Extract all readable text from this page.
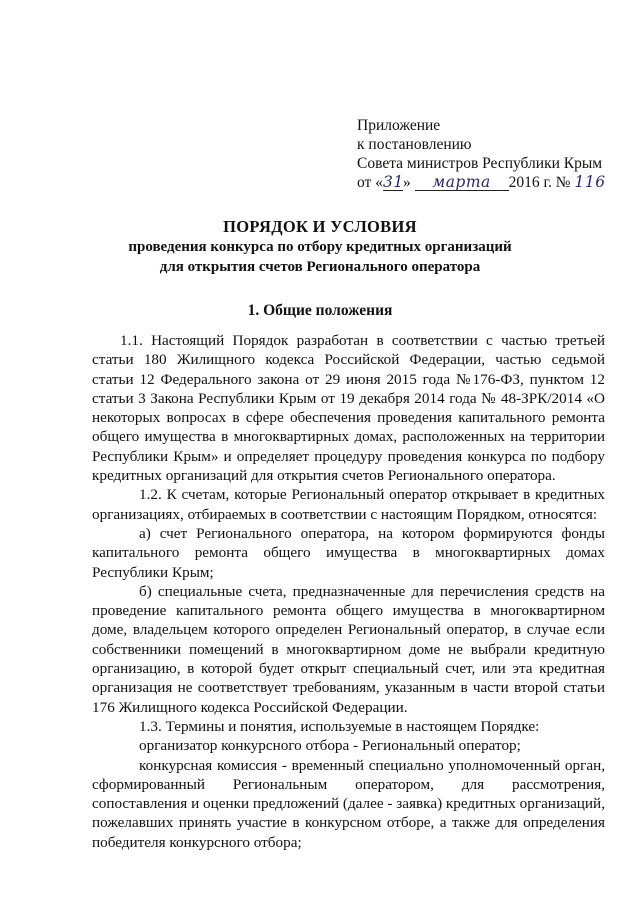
Приложение
к постановлению
Совета министров Республики Крым
от «31» марта 2016 г. № 116
ПОРЯДОК И УСЛОВИЯ
проведения конкурса по отбору кредитных организаций
для открытия счетов Регионального оператора
1. Общие положения

1.1. Настоящий Порядок разработан в соответствии с частью третьей статьи 180 Жилищного кодекса Российской Федерации, частью седьмой статьи 12 Федерального закона от 29 июня 2015 года №176-ФЗ, пунктом 12 статьи 3 Закона Республики Крым от 19 декабря 2014 года № 48-ЗРК/2014 «О некоторых вопросах в сфере обеспечения проведения капитального ремонта общего имущества в многоквартирных домах, расположенных на территории Республики Крым» и определяет процедуру проведения конкурса по подбору кредитных организаций для открытия счетов Регионального оператора.

1.2. К счетам, которые Региональный оператор открывает в кредитных организациях, отбираемых в соответствии с настоящим Порядком, относятся:

а) счет Регионального оператора, на котором формируются фонды капитального ремонта общего имущества в многоквартирных домах Республики Крым;

б) специальные счета, предназначенные для перечисления средств на проведение капитального ремонта общего имущества в многоквартирном доме, владельцем которого определен Региональный оператор, в случае если собственники помещений в многоквартирном доме не выбрали кредитную организацию, в которой будет открыт специальный счет, или эта кредитная организация не соответствует требованиям, указанным в части второй статьи 176 Жилищного кодекса Российской Федерации.

1.3. Термины и понятия, используемые в настоящем Порядке:

организатор конкурсного отбора - Региональный оператор;

конкурсная комиссия - временный специально уполномоченный орган, сформированный Региональным оператором, для рассмотрения, сопоставления и оценки предложений (далее - заявка) кредитных организаций, пожелавших принять участие в конкурсном отборе, а также для определения победителя конкурсного отбора;
